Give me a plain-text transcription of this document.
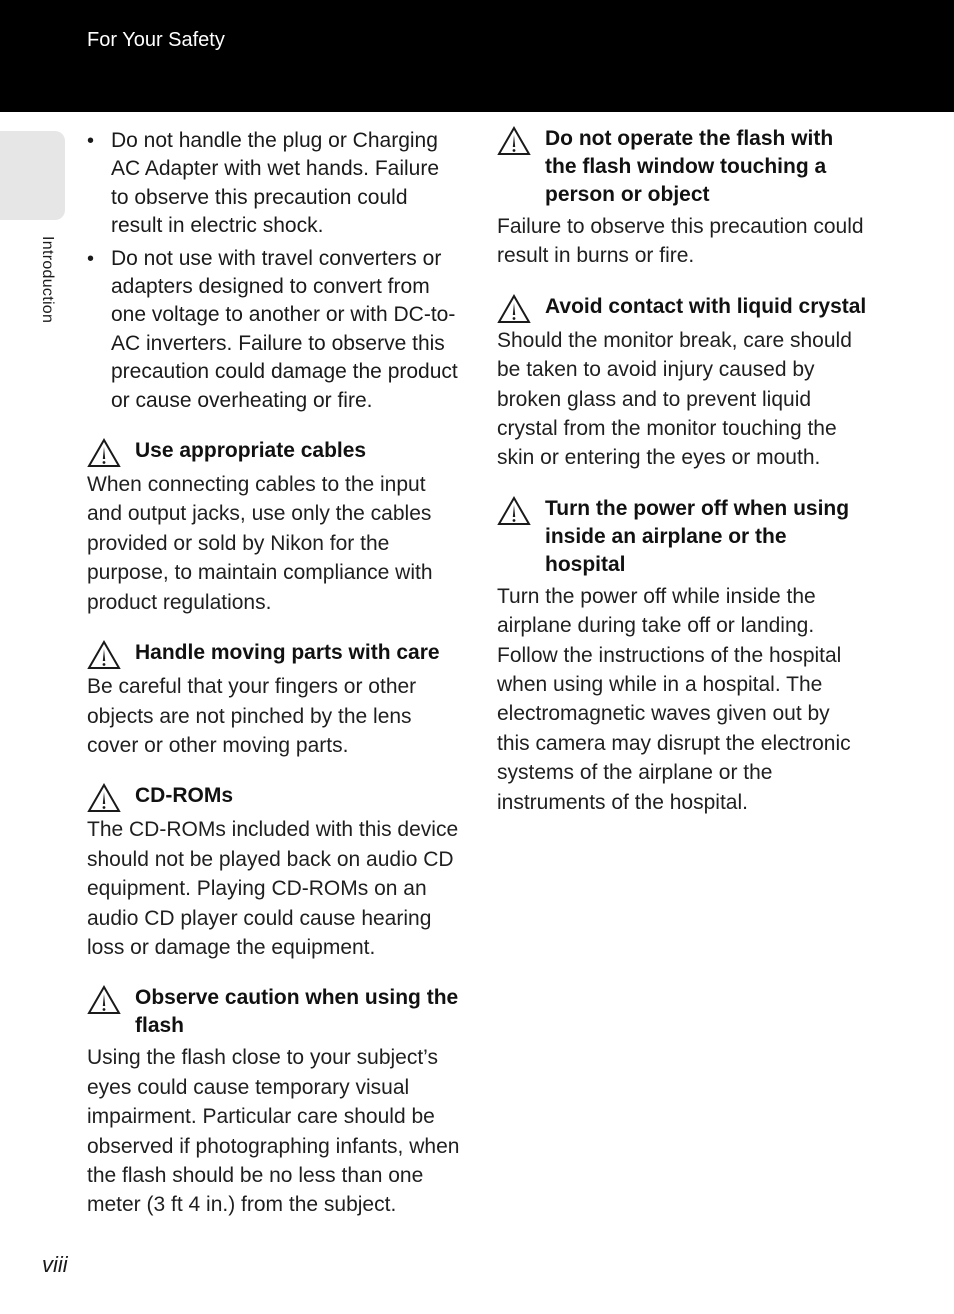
For Your Safety
Introduction
• Do not handle the plug or Charging AC Adapter with wet hands. Failure to observe this precaution could result in electric shock.
• Do not use with travel converters or adapters designed to convert from one voltage to another or with DC-to-AC inverters. Failure to observe this precaution could damage the product or cause overheating or fire.
Use appropriate cables
When connecting cables to the input and output jacks, use only the cables provided or sold by Nikon for the purpose, to maintain compliance with product regulations.
Handle moving parts with care
Be careful that your fingers or other objects are not pinched by the lens cover or other moving parts.
CD-ROMs
The CD-ROMs included with this device should not be played back on audio CD equipment. Playing CD-ROMs on an audio CD player could cause hearing loss or damage the equipment.
Observe caution when using the flash
Using the flash close to your subject’s eyes could cause temporary visual impairment. Particular care should be observed if photographing infants, when the flash should be no less than one meter (3 ft 4 in.) from the subject.
Do not operate the flash with the flash window touching a person or object
Failure to observe this precaution could result in burns or fire.
Avoid contact with liquid crystal
Should the monitor break, care should be taken to avoid injury caused by broken glass and to prevent liquid crystal from the monitor touching the skin or entering the eyes or mouth.
Turn the power off when using inside an airplane or the hospital
Turn the power off while inside the airplane during take off or landing. Follow the instructions of the hospital when using while in a hospital. The electromagnetic waves given out by this camera may disrupt the electronic systems of the airplane or the instruments of the hospital.
viii
